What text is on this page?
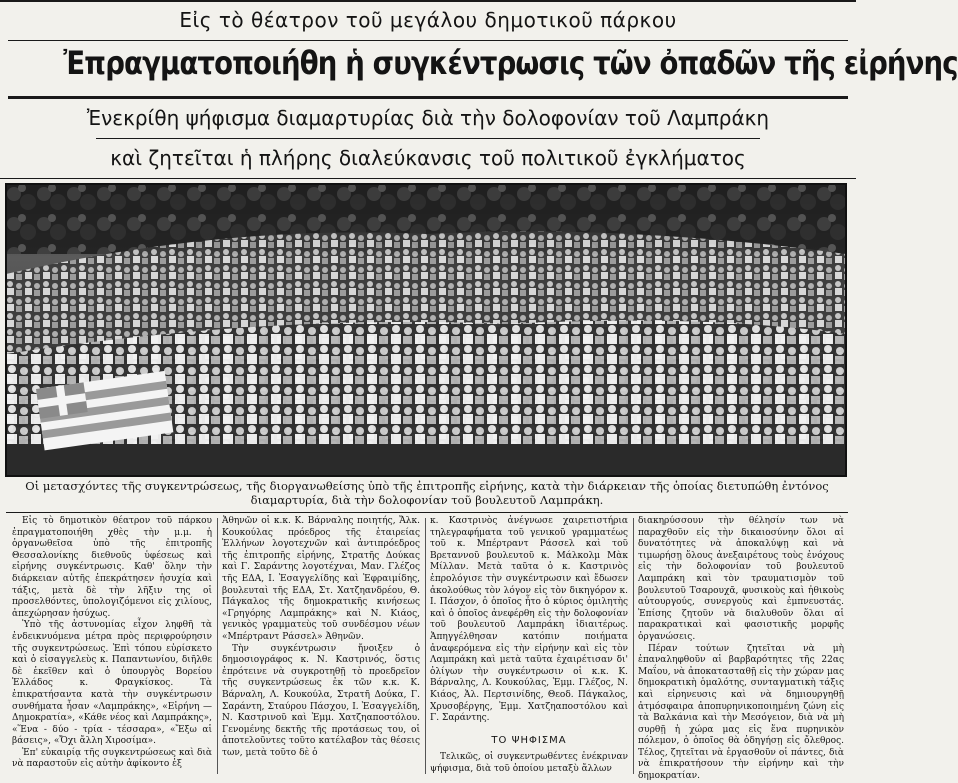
Εἰς τὸ θέατρον τοῦ μεγάλου δημοτικοῦ πάρκου
Ἐπραγματοποιήθη ἡ συγκέντρωσις τῶν ὀπαδῶν τῆς εἰρήνης
Ἐνεκρίθη ψήφισμα διαμαρτυρίας διὰ τὴν δολοφονίαν τοῦ Λαμπράκη
καὶ ζητεῖται ἡ πλήρης διαλεύκανσις τοῦ πολιτικοῦ ἐγκλήματος
Οἱ μετασχόντες τῆς συγκεντρώσεως, τῆς διοργανωθείσης ὑπὸ τῆς ἐπιτροπῆς εἰρήνης, κατὰ τὴν διάρκειαν τῆς ὁποίας διετυπώθη ἐντόνος
διαμαρτυρία, διὰ τὴν δολοφονίαν τοῦ βουλευτοῦ Λαμπράκη.

Εἰς τὸ δημοτικὸν θέατρον τοῦ πάρκου ἐπραγματοποιήθη χθὲς τὴν μ.μ. ἡ ὀργανωθεῖσα ὑπὸ τῆς ἐπιτροπῆς Θεσσαλονίκης διεθνοῦς ὑφέσεως καὶ εἰρήνης συγκέντρωσις. Καθ' ὅλην τὴν διάρκειαν αὐτῆς ἐπεκράτησεν ἡσυχία καὶ τάξις, μετὰ δὲ τὴν λῆξιν της οἱ προσελθόντες, ὑπολογιζόμενοι εἰς χιλίους, ἀπεχώρησαν ἡσύχως.

Ὑπὸ τῆς ἀστυνομίας εἶχον ληφθῆ τὰ ἐνδεικνυόμενα μέτρα πρὸς περιφρούρησιν τῆς συγκεντρώσεως. Ἐπὶ τόπου εὑρίσκετο καὶ ὁ εἰσαγγελεὺς κ. Παπαντωνίου, διῆλθε δὲ ἐκεῖθεν καὶ ὁ ὑπουργὸς Βορείου Ἑλλάδος κ. Φραγκίσκος. Τὰ ἐπικρατήσαντα κατὰ τὴν συγκέντρωσιν συνθήματα ἦσαν «Λαμπράκης», «Εἰρήνη —Δημοκρατία», «Κάθε νέος καὶ Λαμπράκης», «Ἕνα - δύο - τρία - τέσσαρα», «Ἔξω αἱ βάσεις», «Ὄχι ἄλλη Χιροσίμα».

Ἐπ' εὐκαιρίᾳ τῆς συγκεντρώσεως καὶ διὰ νὰ παραστοῦν εἰς αὐτὴν ἀφίκοντο ἐξ

Ἀθηνῶν οἱ κ.κ. Κ. Βάρναλης ποιητής, Ἄλκ. Κουκούλας πρόεδρος τῆς ἑταιρείας Ἑλλήνων λογοτεχνῶν καὶ ἀντιπρόεδρος τῆς ἐπιτροπῆς εἰρήνης, Στρατῆς Δούκας καὶ Γ. Σαράντης λογοτέχναι, Μαν. Γλέζος τῆς ΕΔΑ, Ι. Ἐσαγγελίδης καὶ Ἐφραιμίδης, βουλευταὶ τῆς ΕΔΑ, Στ. Χατζηανδρέου, Θ. Πάγκαλος τῆς δημοκρατικῆς κινήσεως «Γρηγόρης Λαμπράκης» καὶ Ν. Κιάος, γενικὸς γραμματεὺς τοῦ συνδέσμου νέων «Μπέρτραντ Ράσσελ» Ἀθηνῶν.

Τὴν συγκέντρωσιν ἤνοιξεν ὁ δημοσιογράφος κ. Ν. Καστρινός, ὅστις ἐπρότεινε νὰ συγκροτηθῇ τὸ προεδρεῖον τῆς συγκεντρώσεως ἐκ τῶν κ.κ. Κ. Βάρναλη, Λ. Κουκούλα, Στρατῆ Δούκα, Γ. Σαράντη, Σταύρου Πάσχου, Ι. Ἐσαγγελίδη, Ν. Καστρινοῦ καὶ Ἐμμ. Χατζηαποστόλου. Γενομένης δεκτῆς τῆς προτάσεως του, οἱ ἀποτελοῦντες τοῦτο κατέλαβον τὰς θέσεις των, μετὰ τοῦτο δὲ ὁ

κ. Καστρινὸς ἀνέγνωσε χαιρετιστήρια τηλεγραφήματα τοῦ γενικοῦ γραμματέως τοῦ κ. Μπέρτραντ Ράσσελ καὶ τοῦ Βρεταννοῦ βουλευτοῦ κ. Μάλκολμ Μὰκ Μίλλαν. Μετὰ ταῦτα ὁ κ. Καστρινὸς ἐπρολόγισε τὴν συγκέντρωσιν καὶ ἔδωσεν ἀκολούθως τὸν λόγον εἰς τὸν δικηγόρον κ. Ι. Πάσχον, ὁ ὁποῖος ἦτο ὁ κύριος ὁμιλητὴς καὶ ὁ ὁποῖος ἀνεφέρθη εἰς τὴν δολοφονίαν τοῦ βουλευτοῦ Λαμπράκη ἰδιαιτέρως. Ἀπηγγέλθησαν κατόπιν ποιήματα ἀναφερόμενα εἰς τὴν εἰρήνην καὶ εἰς τὸν Λαμπράκη καὶ μετὰ ταῦτα ἐχαιρέτισαν δι' ὀλίγων τὴν συγκέντρωσιν οἱ κ.κ. Κ. Βάρναλης, Λ. Κουκούλας, Ἐμμ. Γλέζος, Ν. Κιάος, Ἀλ. Περτσινίδης, Θεοδ. Πάγκαλος, Χρυσοβέργης, Ἐμμ. Χατζηαποστόλου καὶ Γ. Σαράντης.

ΤΟ ΨΗΦΙΣΜΑ

Τελικῶς, οἱ συγκεντρωθέντες ἐνέκριναν ψήφισμα, διὰ τοῦ ὁποίου μεταξὺ ἄλλων

διακηρύσσουν τὴν θέλησίν των νὰ παραχθοῦν εἰς τὴν δικαιοσύνην ὅλοι αἱ δυνατότητες νὰ ἀποκαλύψῃ καὶ νὰ τιμωρήσῃ ὅλους ἀνεξαιρέτους τοὺς ἐνόχους εἰς τὴν δολοφονίαν τοῦ βουλευτοῦ Λαμπράκη καὶ τὸν τραυματισμὸν τοῦ βουλευτοῦ Τσαρουχᾶ, φυσικοὺς καὶ ἠθικοὺς αὐτουργούς, συνεργοὺς καὶ ἐμπνευστάς. Ἐπίσης ζητοῦν νὰ διαλυθοῦν ὅλαι αἱ παρακρατικαὶ καὶ φασιστικῆς μορφῆς ὀργανώσεις.

Πέραν τούτων ζητεῖται νὰ μὴ ἐπαναληφθοῦν αἱ βαρβαρότητες τῆς 22ας Μαΐου, νὰ ἀποκατασταθῇ εἰς τὴν χώραν μας δημοκρατικὴ ὁμαλότης, συνταγματικὴ τάξις καὶ εἰρηνευσις καὶ νὰ δημιουργηθῇ ἀτμόσφαιρα ἀποπυρηνικοποιημένη ζώνη εἰς τὰ Βαλκάνια καὶ τὴν Μεσόγειον, διὰ νὰ μὴ συρθῇ ἡ χώρα μας εἰς ἕνα πυρηνικὸν πόλεμον, ὁ ὁποῖος θὰ ὁδηγήσῃ εἰς ὄλεθρος. Τέλος, ζητεῖται νὰ ἐργασθοῦν οἱ πάντες, διὰ νὰ ἐπικρατήσουν τὴν εἰρήνην καὶ τὴν δημοκρατίαν.
